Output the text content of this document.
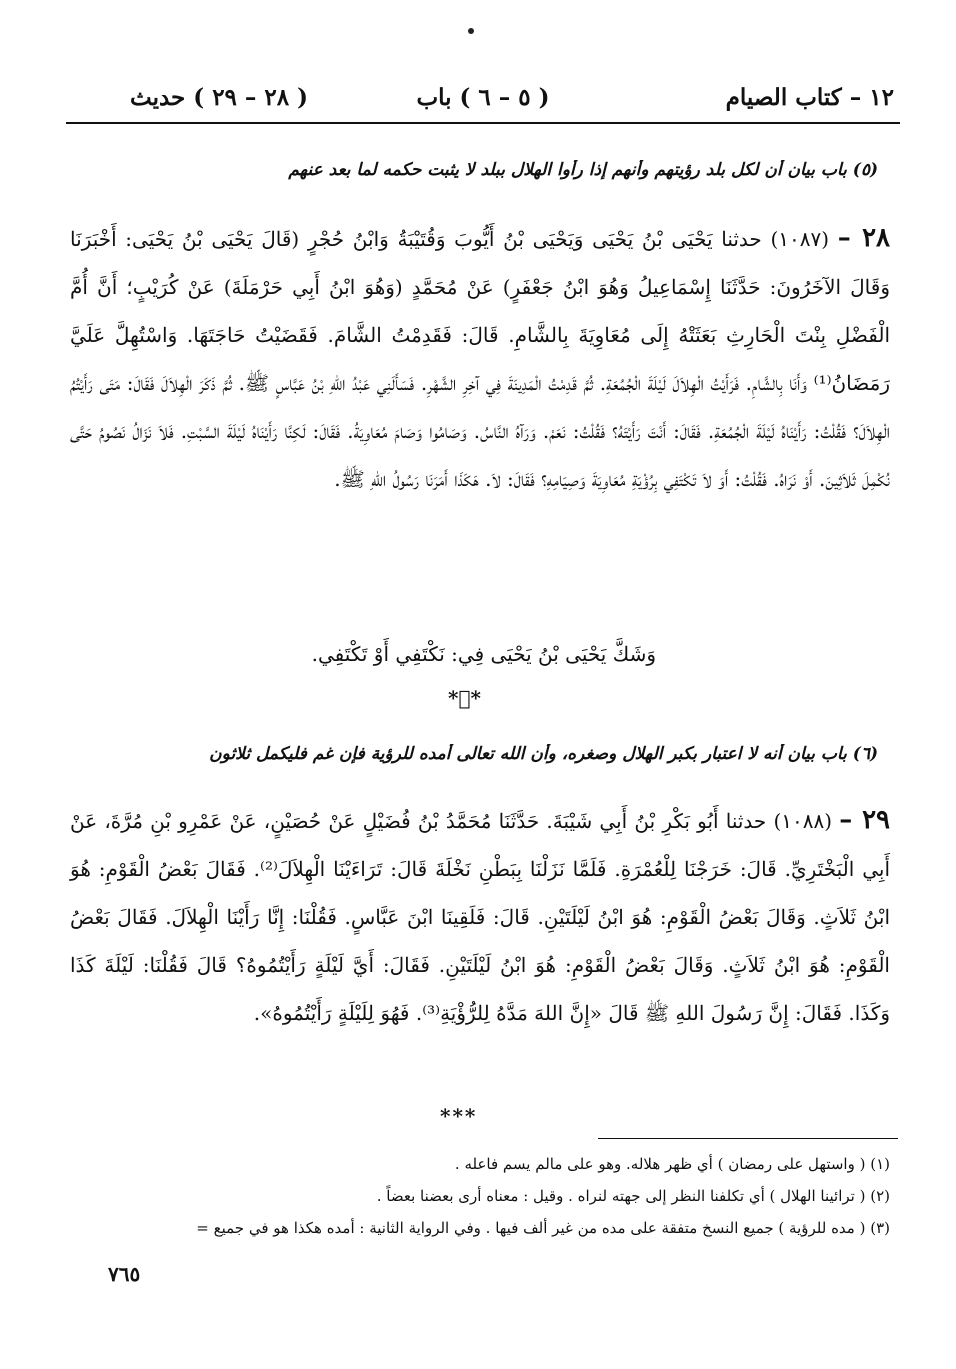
١٢ – كتاب الصيام
( ٥ – ٦ ) باب
( ٢٨ – ٢٩ ) حديث
(٥) باب بيان أن لكل بلد رؤيتهم وأنهم إذا رأوا الهلال ببلد لا يثبت حكمه لما بعد عنهم
٢٨ – (١٠٨٧) حدثنا يَحْيَى بْنُ يَحْيَى وَيَحْيَى بْنُ أَيُّوبَ وَقُتَيْبَةُ وَابْنُ حُجْرٍ (قَالَ يَحْيَى بْنُ يَحْيَى: أَخْبَرَنَا وَقَالَ الآخَرُونَ: حَدَّثَنَا إِسْمَاعِيلُ وَهُوَ ابْنُ جَعْفَرٍ) عَنْ مُحَمَّدٍ (وَهُوَ ابْنُ أَبِي حَرْمَلَةَ) عَنْ كُرَيْبٍ؛ أَنَّ أُمَّ الْفَضْلِ بِنْتَ الْحَارِثِ بَعَثَتْهُ إِلَى مُعَاوِيَةَ بِالشَّامِ. قَالَ: فَقَدِمْتُ الشَّامَ. فَقَضَيْتُ حَاجَتَهَا. وَاسْتُهِلَّ عَلَيَّ رَمَضَانُ⁽¹⁾ وَأَنَا بِالشَّامِ. فَرَأَيْتُ الْهِلاَلَ لَيْلَةَ الْجُمُعَةِ. ثُمَّ قَدِمْتُ الْمَدِينَةَ فِي آخِرِ الشَّهْرِ. فَسَأَلَنِي عَبْدُ اللهِ بْنُ عَبَّاسٍ ﷺ. ثُمَّ ذَكَرَ الْهِلاَلَ فَقَالَ: مَتَى رَأَيْتُمُ الْهِلاَلَ؟ فَقُلْتُ: رَأَيْنَاهُ لَيْلَةَ الْجُمُعَةِ. فَقَالَ: أَنْتَ رَأَيْتَهُ؟ فَقُلْتُ: نَعَمْ. وَرَآهُ النَّاسُ. وَصَامُوا وَصَامَ مُعَاوِيَةُ. فَقَالَ: لَكِنَّا رَأَيْنَاهُ لَيْلَةَ السَّبْتِ. فَلاَ نَزَالُ نَصُومُ حَتَّى نُكْمِلَ ثَلاَثِينَ. أَوْ نَرَاهُ. فَقُلْتُ: أَوَ لاَ تَكْتَفِي بِرُؤْيَةِ مُعَاوِيَةَ وَصِيَامِهِ؟ فَقَالَ: لاَ. هَكَذَا أَمَرَنَا رَسُولُ اللهِ ﷺ.
وَشَكَّ يَحْيَى بْنُ يَحْيَى فِي: نَكْتَفِي أَوْ تَكْتَفِي.
*ِ*
(٦) باب بيان أنه لا اعتبار بكبر الهلال وصغره، وأن الله تعالى أمده للرؤية فإن غم فليكمل ثلاثون
٢٩ – (١٠٨٨) حدثنا أَبُو بَكْرِ بْنُ أَبِي شَيْبَةَ. حَدَّثَنَا مُحَمَّدُ بْنُ فُضَيْلٍ عَنْ حُصَيْنٍ، عَنْ عَمْرِو بْنِ مُرَّةَ، عَنْ أَبِي الْبَخْتَرِيِّ. قَالَ: خَرَجْنَا لِلْعُمْرَةِ. فَلَمَّا نَزَلْنَا بِبَطْنِ نَخْلَةَ قَالَ: تَرَاءَيْنَا الْهِلاَلَ⁽²⁾. فَقَالَ بَعْضُ الْقَوْمِ: هُوَ ابْنُ ثَلاَثٍ. وَقَالَ بَعْضُ الْقَوْمِ: هُوَ ابْنُ لَيْلَتَيْنِ. قَالَ: فَلَقِينَا ابْنَ عَبَّاسٍ. فَقُلْنَا: إِنَّا رَأَيْنَا الْهِلاَلَ. فَقَالَ بَعْضُ الْقَوْمِ: هُوَ ابْنُ ثَلاَثٍ. وَقَالَ بَعْضُ الْقَوْمِ: هُوَ ابْنُ لَيْلَتَيْنِ. فَقَالَ: أَيَّ لَيْلَةٍ رَأَيْتُمُوهُ؟ قَالَ فَقُلْنَا: لَيْلَةَ كَذَا وَكَذَا. فَقَالَ: إِنَّ رَسُولَ اللهِ ﷺ قَالَ «إِنَّ اللهَ مَدَّهُ لِلرُّؤْيَةِ⁽³⁾. فَهُوَ لِلَيْلَةٍ رَأَيْتُمُوهُ».
***
(١) ( واستهل على رمضان ) أي ظهر هلاله. وهو على مالم يسم فاعله .
(٢) ( ترائينا الهلال ) أي تكلفنا النظر إلى جهته لنراه . وقيل : معناه أرى بعضنا بعضاً .
(٣) ( مده للرؤية ) جميع النسخ متفقة على مده من غير ألف فيها . وفي الرواية الثانية : أمده هكذا هو في جميع =
٧٦٥
